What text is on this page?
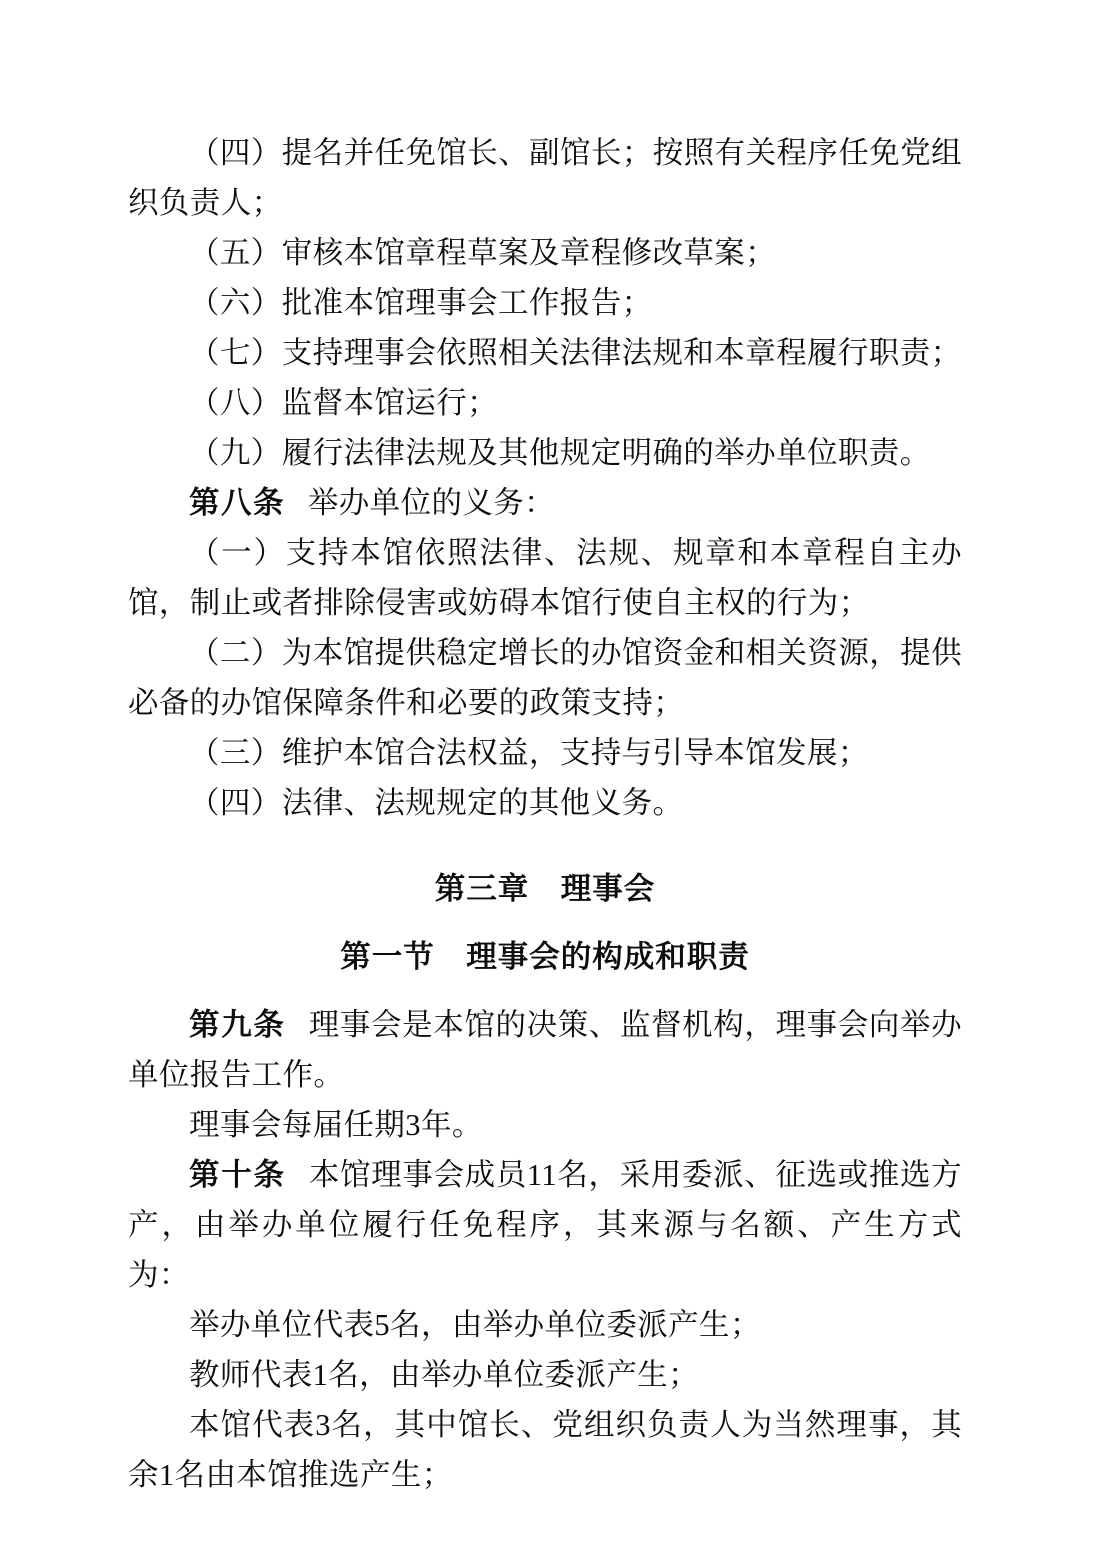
（四）提名并任免馆长、副馆长；按照有关程序任免党组织负责人；

（五）审核本馆章程草案及章程修改草案；

（六）批准本馆理事会工作报告；

（七）支持理事会依照相关法律法规和本章程履行职责；

（八）监督本馆运行；

（九）履行法律法规及其他规定明确的举办单位职责。

第八条 举办单位的义务：

（一）支持本馆依照法律、法规、规章和本章程自主办馆，制止或者排除侵害或妨碍本馆行使自主权的行为；

（二）为本馆提供稳定增长的办馆资金和相关资源，提供必备的办馆保障条件和必要的政策支持；

（三）维护本馆合法权益，支持与引导本馆发展；

（四）法律、法规规定的其他义务。

第三章　理事会

第一节　理事会的构成和职责

第九条 理事会是本馆的决策、监督机构，理事会向举办单位报告工作。

理事会每届任期3年。

第十条 本馆理事会成员11名，采用委派、征选或推选方产，由举办单位履行任免程序，其来源与名额、产生方式为：

举办单位代表5名，由举办单位委派产生；

教师代表1名，由举办单位委派产生；

本馆代表3名，其中馆长、党组织负责人为当然理事，其余1名由本馆推选产生；
